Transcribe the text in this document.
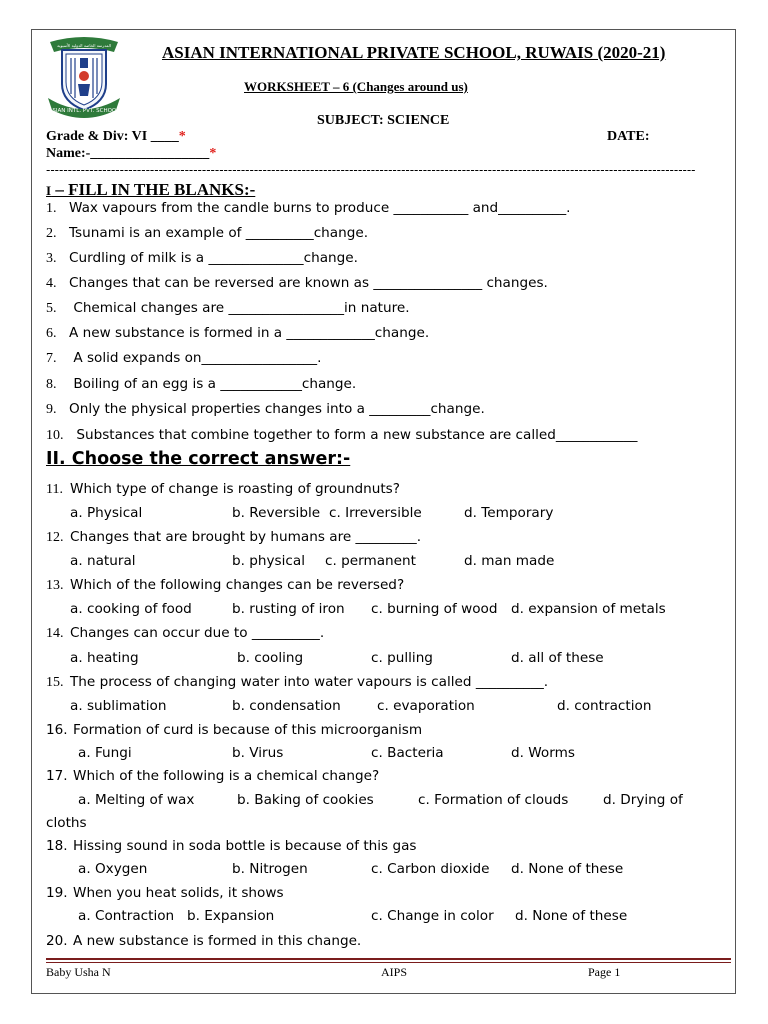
ASIAN INTL. PVT. SCHOOL
المدرسة الخاصة الدولية الآسيوية	ASIAN INTERNATIONAL PRIVATE SCHOOL, RUWAIS (2020-21)
WORKSHEET – 6 (Changes around us)
SUBJECT: SCIENCE
Grade & Div: VI ____*	DATE:
Name:-_________________*
------------------------------------------------------------------------------------------------------------------------------------------------------
I – FILL IN THE BLANKS:-
1. Wax vapours from the candle burns to produce ___________ and__________.
2. Tsunami is an example of __________change.
3. Curdling of milk is a ______________change.
4. Changes that can be reversed are known as ________________ changes.
5. Chemical changes are _________________in nature.
6. A new substance is formed in a _____________change.
7. A solid expands on_________________.
8. Boiling of an egg is a ____________change.
9. Only the physical properties changes into a _________change.
10. Substances that combine together to form a new substance are called____________
II. Choose the correct answer:-
11. Which type of change is roasting of groundnuts?
a. Physical	b. Reversible c. Irreversible	d. Temporary
12. Changes that are brought by humans are _________.
a. natural	b. physical c. permanent	d. man made
13. Which of the following changes can be reversed?
a. cooking of food	b. rusting of iron c. burning of wood d. expansion of metals
14. Changes can occur due to __________.
a. heating	b. cooling	c. pulling	d. all of these
15. The process of changing water into water vapours is called __________.
a. sublimation	b. condensation	c. evaporation	d. contraction
16. Formation of curd is because of this microorganism
a. Fungi	b. Virus	c. Bacteria	d. Worms
17. Which of the following is a chemical change?
a. Melting of wax	b. Baking of cookies	c. Formation of clouds	d. Drying of
cloths
18. Hissing sound in soda bottle is because of this gas
a. Oxygen	b. Nitrogen	c. Carbon dioxide d. None of these
19. When you heat solids, it shows
a. Contraction b. Expansion	c. Change in color d. None of these
20. A new substance is formed in this change.
Baby Usha N	AIPS	Page 1
